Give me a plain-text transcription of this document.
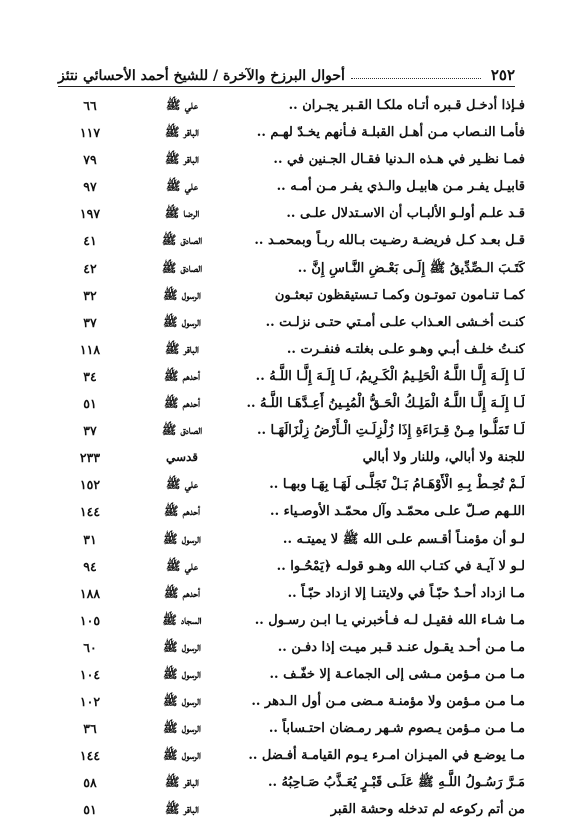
٢٥٢
أحوال البرزخ والآخرة / للشيخ أحمد الأحسائي نتئز
فـإذا أدخـل قـبره أتـاه ملكـا القـبر يجـران ..
علي ﷺ
٦٦
فأمـا النـصاب مـن أهـل القبلـة فـأنهم يخـدّ لهـم ..
الباقر ﷺ
١١٧
فمـا نظـير في هـذه الـدنيا فقـال الجـنين في ..
الباقر ﷺ
٧٩
قابيـل يفـر مـن هابيـل والـذي يفـر مـن أمـه ..
علي ﷺ
٩٧
قـد علـم أولـو الألبـاب أن الاسـتدلال علـى ..
الرضا ﷺ
١٩٧
قـل بعـد كـل فريضـة رضـيت بـالله ربـاً وبمحمـد ..
الصادق ﷺ
٤١
كَتَـبَ الـصِّدِّيقُ ﷺ إِلَـى بَعْـضِ النَّـاسِ إِنَّ ..
الصادق ﷺ
٤٢
كمـا تنـامون تموتـون وكمـا تـستيقظون تبعثـون
الرسول ﷺ
٣٢
كنـت أخـشى العـذاب علـى أمـتي حتـى نزلـت ..
الرسول ﷺ
٣٧
كنـتُ خلـف أبـي وهـو علـى بغلتـه فنفـرت ..
الباقر ﷺ
١١٨
لَـا إِلَـهَ إِلَّـا اللَّـهُ الْحَلِـيمُ الْكَـرِيمُ، لَـا إِلَـهَ إِلَّـا اللَّـهُ ..
أحدهم ﷺ
٣٤
لَـا إِلَـهَ إِلَّـا اللَّـهُ الْمَلِـكُ الْحَـقُّ الْمُبِـينُ أَعِـدَّهَـا اللَّـهُ ..
أحدهم ﷺ
٥١
لَـا تَمَلُّـوا مِـنْ قِـرَاءَةِ إِذَا زُلْزِلَـتِ الْـأَرْضُ زِلْزَالَهَـا ..
الصادق ﷺ
٣٧
للجنة ولا أبالي، وللنار ولا أبالي
قدسي
٢٣٣
لَـمْ تُحِـطْ بِـهِ الْأَوْهَـامُ بَـلْ تَجَلَّـى لَهَـا بِهَـا وبهـا ..
علي ﷺ
١٥٢
اللـهم صـلّ علـى محمّـد وآل محمّـد الأوصـياء ..
أحدهم ﷺ
١٤٤
لـو أن مؤمنـاً أقـسم علـى الله ﷺ لا يميتـه ..
الرسول ﷺ
٣١
لـو لا آيـة في كتـاب الله وهـو قولـه ﴿يَمْحُـوا ..
علي ﷺ
٩٤
مـا ازداد أحـدٌ حبّـاً في ولايتنـا إلا ازداد حبّـاً ..
أحدهم ﷺ
١٨٨
مـا شـاء الله فقيـل لـه فـأخبرني يـا ابـن رسـول ..
السجاد ﷺ
١٠٥
مـا مـن أحـد يقـول عنـد قـبر ميـت إذا دفـن ..
الرسول ﷺ
٦٠
مـا مـن مـؤمن مـشى إلى الجماعـة إلا خفّـف ..
الرسول ﷺ
١٠٤
مـا مـن مـؤمن ولا مؤمنـة مـضى مـن أول الـدهر ..
الرسول ﷺ
١٠٢
مـا مـن مـؤمن يـصوم شـهر رمـضان احتـساباً ..
الرسول ﷺ
٣٦
مـا يوضـع في الميـزان امـرء يـوم القيامـة أفـضل ..
الرسول ﷺ
١٤٤
مَـرَّ رَسُـولُ اللَّـهِ ﷺ عَلَـى قَبْـرٍ يُعَـذَّبُ صَـاحِبُهُ ..
الباقر ﷺ
٥٨
من أتم ركوعه لم تدخله وحشة القبر
الباقر ﷺ
٥١
